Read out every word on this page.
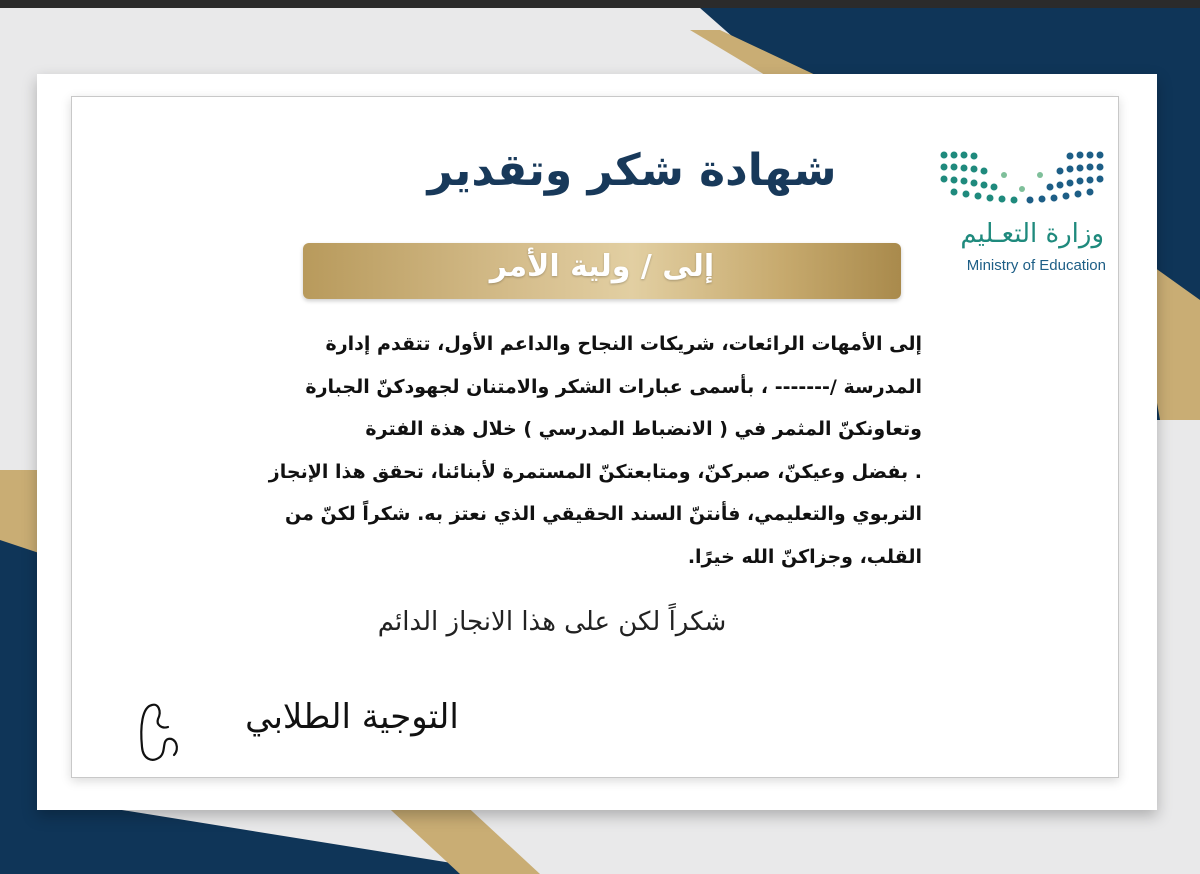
وزارة التعـليم
Ministry of Education
شهادة شكر وتقدير
إلى / ولية الأمر
إلى الأمهات الرائعات، شريكات النجاح والداعم الأول، تتقدم إدارة
المدرسة /------- ، بأسمى عبارات الشكر والامتنان لجهودكنّ الجبارة
وتعاونكنّ المثمر في ( الانضباط المدرسي ) خلال هذة الفترة
. بفضل وعيكنّ، صبركنّ، ومتابعتكنّ المستمرة لأبنائنا، تحقق هذا الإنجاز
التربوي والتعليمي، فأنتنّ السند الحقيقي الذي نعتز به. شكراً لكنّ من
القلب، وجزاكنّ الله خيرًا.
شكراً لكن على هذا الانجاز الدائم
التوجية الطلابي
